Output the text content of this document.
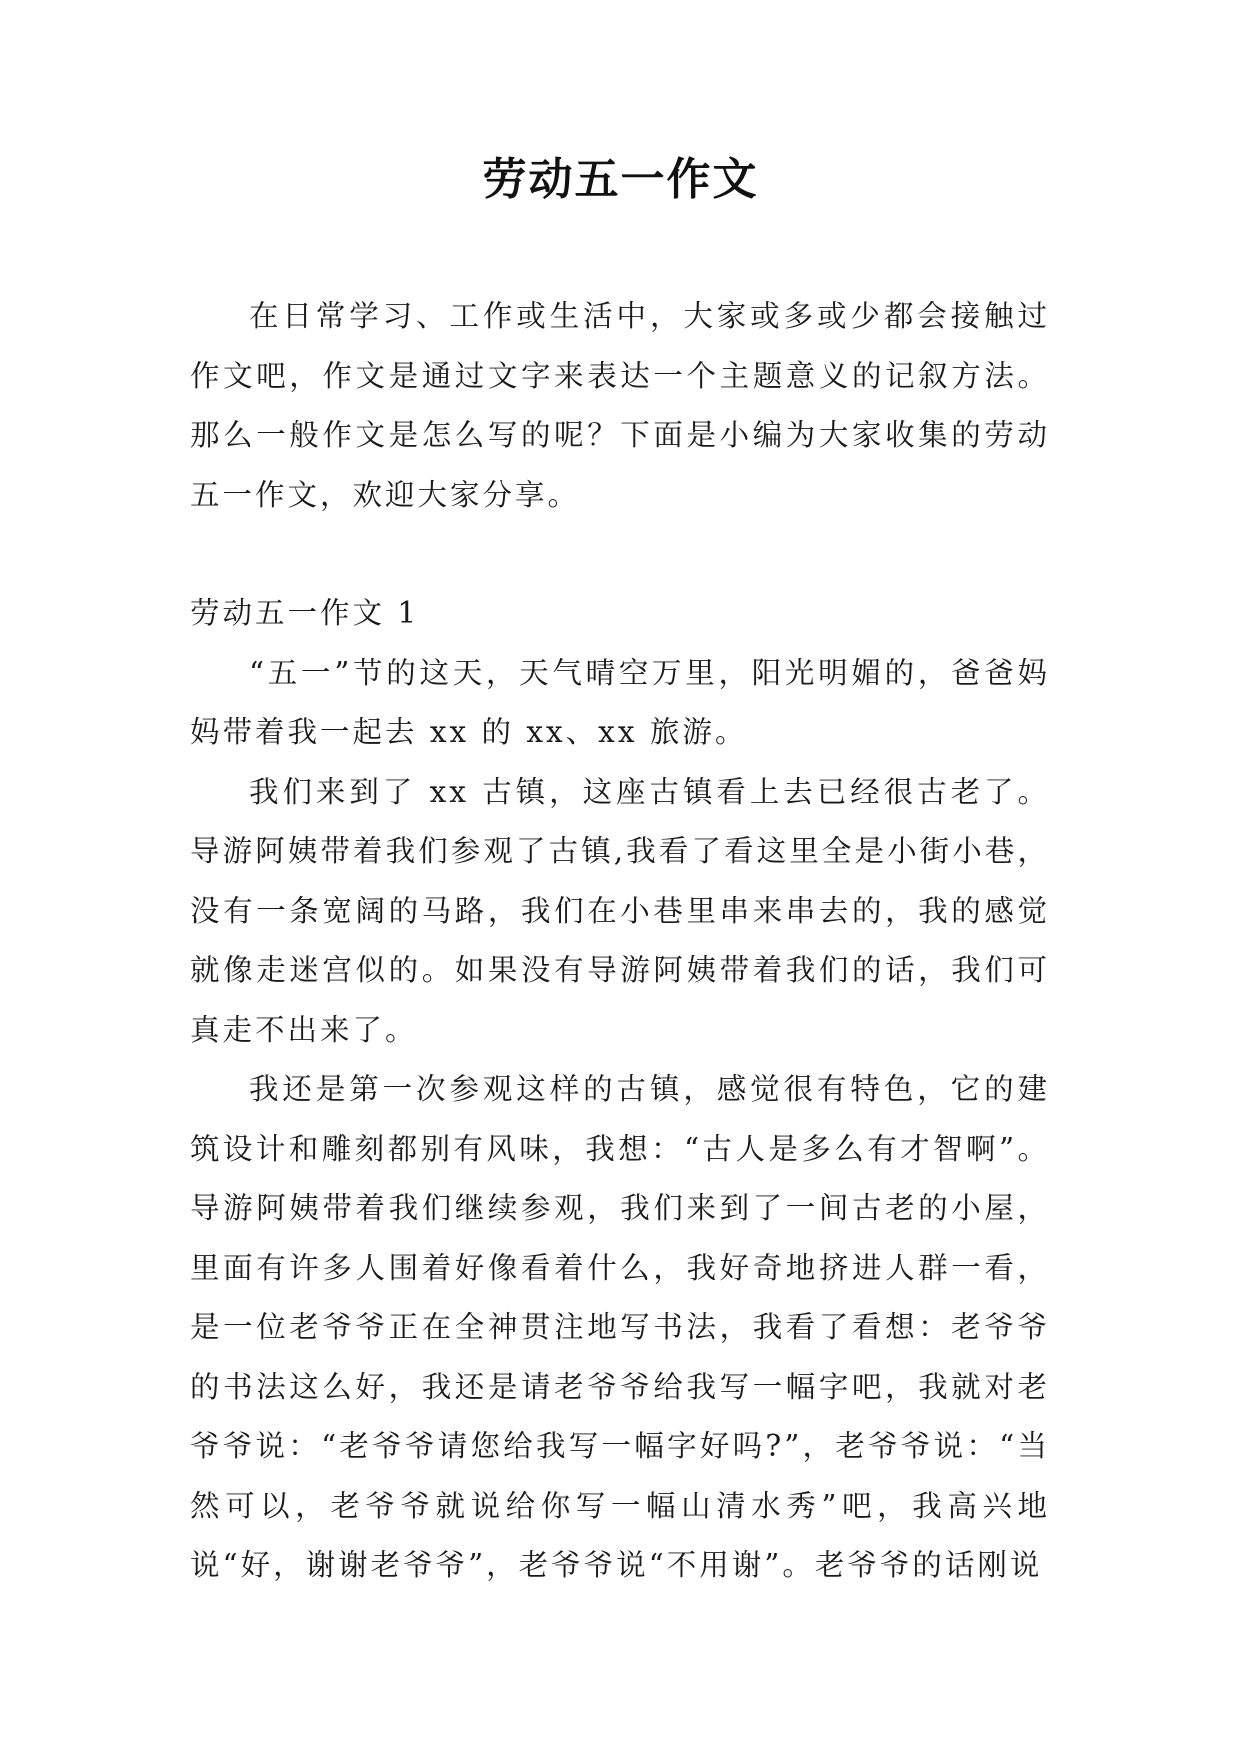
劳动五一作文

在日常学习、工作或生活中，大家或多或少都会接触过作文吧，作文是通过文字来表达一个主题意义的记叙方法。那么一般作文是怎么写的呢？下面是小编为大家收集的劳动五一作文，欢迎大家分享。

劳动五一作文 1

“五一”节的这天，天气晴空万里，阳光明媚的，爸爸妈妈带着我一起去 xx 的 xx、xx 旅游。

我们来到了 xx 古镇，这座古镇看上去已经很古老了。导游阿姨带着我们参观了古镇,我看了看这里全是小街小巷，没有一条宽阔的马路，我们在小巷里串来串去的，我的感觉就像走迷宫似的。如果没有导游阿姨带着我们的话，我们可真走不出来了。

我还是第一次参观这样的古镇，感觉很有特色，它的建筑设计和雕刻都别有风味，我想：“古人是多么有才智啊”。导游阿姨带着我们继续参观，我们来到了一间古老的小屋，里面有许多人围着好像看着什么，我好奇地挤进人群一看，是一位老爷爷正在全神贯注地写书法，我看了看想：老爷爷的书法这么好，我还是请老爷爷给我写一幅字吧，我就对老爷爷说：“老爷爷请您给我写一幅字好吗?”，老爷爷说：“当然可以，老爷爷就说给你写一幅山清水秀”吧，我高兴地说“好，谢谢老爷爷”，老爷爷说“不用谢”。老爷爷的话刚说
